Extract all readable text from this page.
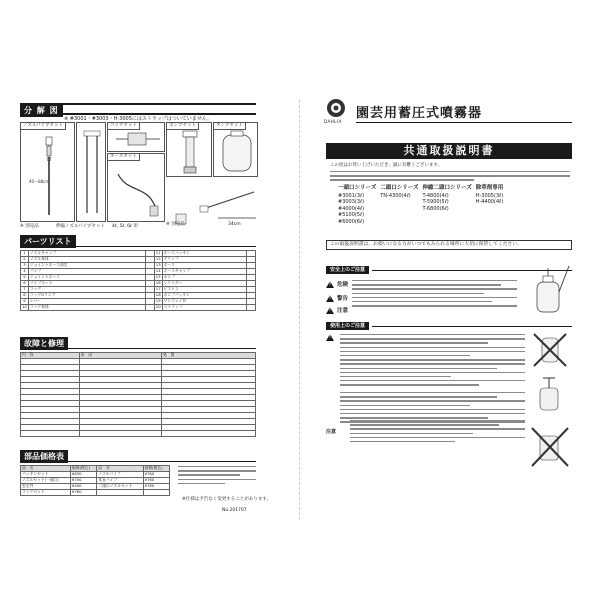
分 解 図
※ #3001・#3003・H-3005にはストラップはついていません。
ノズルパイプセット
40〜88cm
コックセット	ポンプセット	タンクセット
ホースセット
※ 別売品	34cm
※ 別売品	伸縮ノズルパイプセット 4ℓ, 5ℓ, 6ℓ 用
パーツリスト
1	ノズルキャップ		11	ホースパッキン	
2	ノズル本体		12	グリップ	
3	ジョイントホース固定		13	ホース	
4	パイプ		14	ホースキャップ	
5	ジョイントホース		15	ポンプ	
6	パイプホース		16	シリンダー	
7	コック		17	ピストン	
8	コックOリング		18	ポンプパッキン	
9	レバー		19	ワンウェイ弁	
10	コック本体		20	ストラップ	
故障と修理
内　容	原　因	処　置

部品価格表
品　名	価格(税込)	品　名	価格(税込)
パッキンセット	¥630	ノズルパイプ	¥760
ノズルセット(一頭口)	¥700	延長パイプ	¥760
安全弁	¥450	二頭口ノズルセット	¥760
コックセット	¥760		
※仕様は予告なく変更することがあります。
No.201707
DAHLIA
園芸用蓄圧式噴霧器
共通取扱説明書
この度はお買い上げいただき、誠に有難うございます。
一頭口シリーズ	二頭口シリーズ	伸縮二頭口シリーズ	除草剤専用
#3001(3ℓ)	TN-4300(4ℓ)	T-4800(4ℓ)	H-3005(3ℓ)
#3003(3ℓ)		T-5900(5ℓ)	H-4400(4ℓ)
#4000(4ℓ)		T-6800(6ℓ)	
#5100(5ℓ)			
#6000(6ℓ)			
この取扱説明書は、お使いになる方がいつでもみられる場所に大切に保管してください。
安全上のご注意
!
危険
!
警告
!
注意
使用上のご注意
!
注意
